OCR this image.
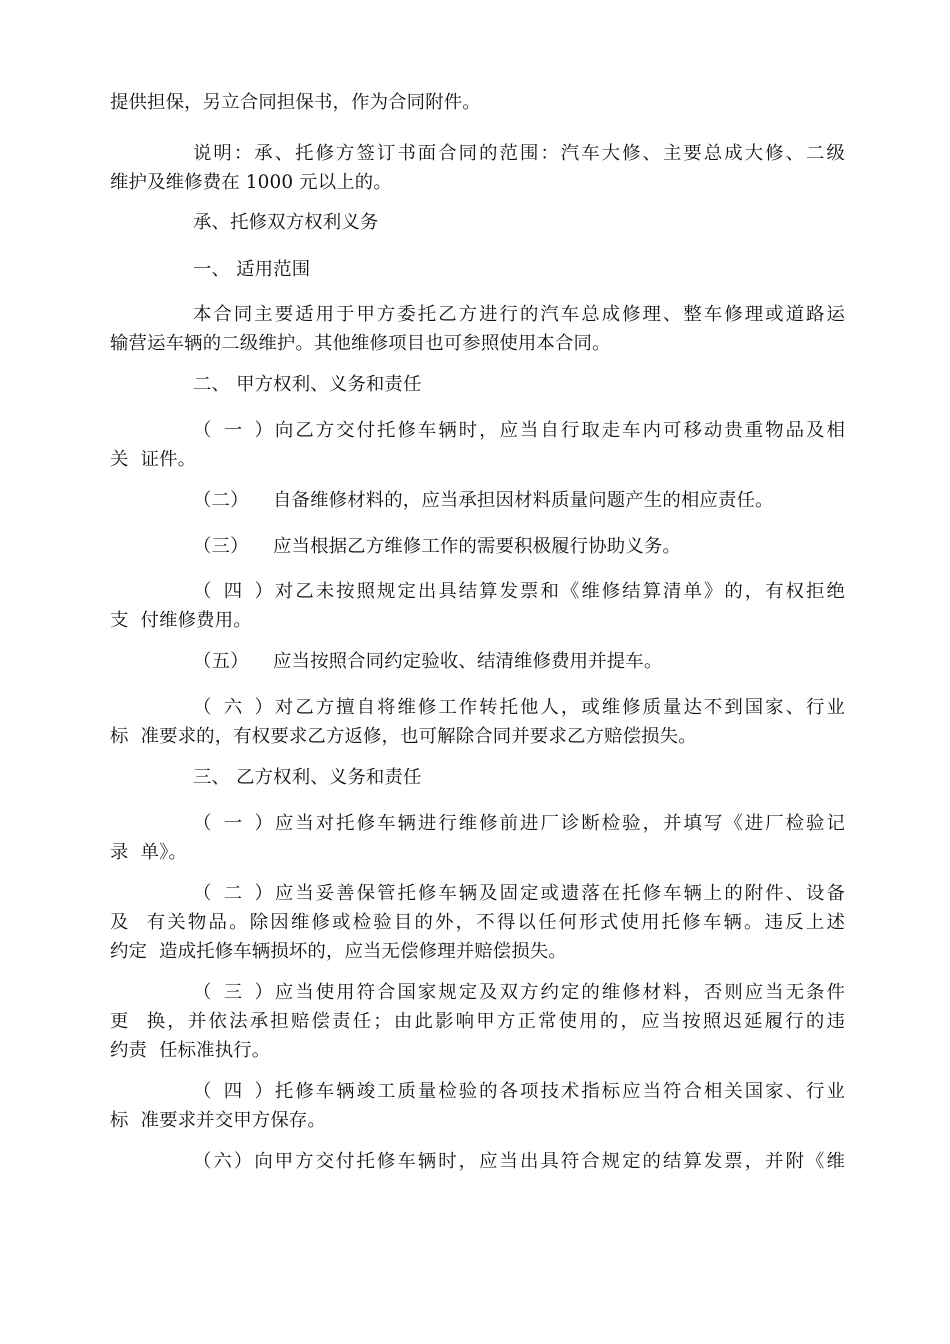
提供担保，另立合同担保书，作为合同附件。
说明：承、托修方签订书面合同的范围：汽车大修、主要总成大修、二级
维护及维修费在 1000 元以上的。
承、托修双方权利义务
一、 适用范围
本合同主要适用于甲方委托乙方进行的汽车总成修理、整车修理或道路运
输营运车辆的二级维护。其他维修项目也可参照使用本合同。
二、 甲方权利、义务和责任
（一）向乙方交付托修车辆时，应当自行取走车内可移动贵重物品及相
关  证件。
（二） 自备维修材料的，应当承担因材料质量问题产生的相应责任。
（三） 应当根据乙方维修工作的需要积极履行协助义务。
（四）对乙未按照规定出具结算发票和《维修结算清单》的，有权拒绝
支  付维修费用。
（五） 应当按照合同约定验收、结清维修费用并提车。
（六）对乙方擅自将维修工作转托他人，或维修质量达不到国家、行业
标  准要求的，有权要求乙方返修，也可解除合同并要求乙方赔偿损失。
三、 乙方权利、义务和责任
（一）应当对托修车辆进行维修前进厂诊断检验，并填写《进厂检验记
录  单》。
（二）应当妥善保管托修车辆及固定或遗落在托修车辆上的附件、设备
及  有关物品。除因维修或检验目的外，不得以任何形式使用托修车辆。违反上述
约定  造成托修车辆损坏的，应当无偿修理并赔偿损失。
（三）应当使用符合国家规定及双方约定的维修材料，否则应当无条件
更  换，并依法承担赔偿责任；由此影响甲方正常使用的，应当按照迟延履行的违
约责  任标准执行。
（四）托修车辆竣工质量检验的各项技术指标应当符合相关国家、行业
标  准要求并交甲方保存。
（六）向甲方交付托修车辆时，应当出具符合规定的结算发票，并附《维
